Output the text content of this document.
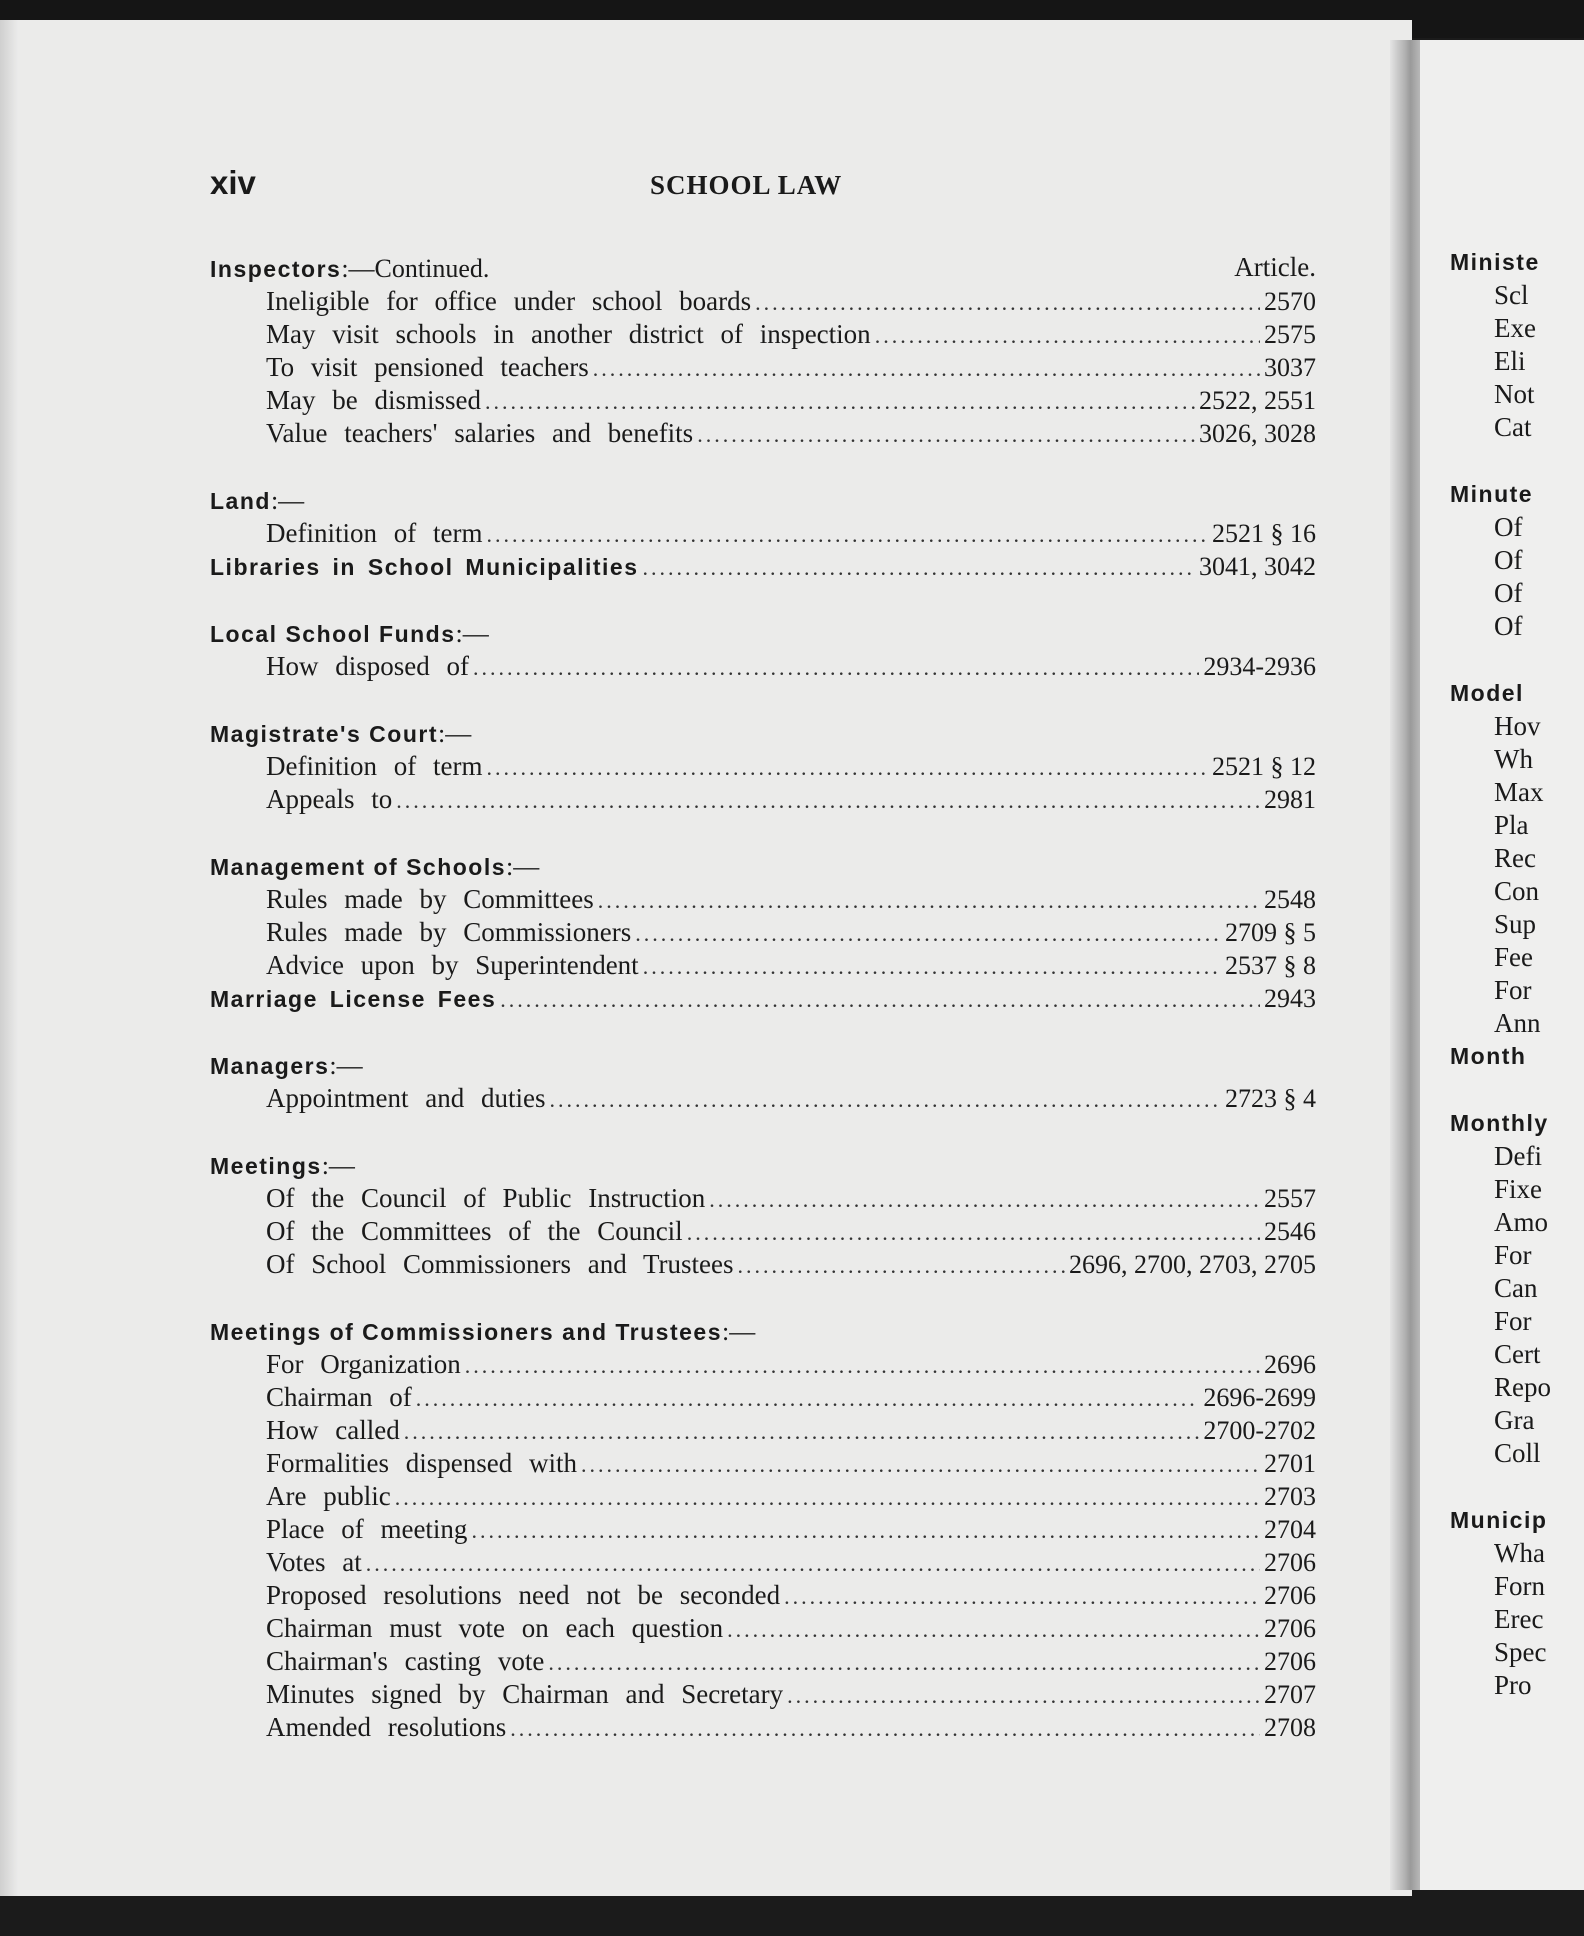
xiv	SCHOOL LAW
Article.
Inspectors:—Continued.
Ineligible for office under school boards .....	2570
May visit schools in another district of inspection .....	2575
To visit pensioned teachers .....	3037
May be dismissed .....	2522, 2551
Value teachers' salaries and benefits .....	3026, 3028
Land:—
Definition of term .....	2521 § 16
Libraries in School Municipalities .....	3041, 3042
Local School Funds:—
How disposed of .....	2934-2936
Magistrate's Court:—
Definition of term .....	2521 § 12
Appeals to .....	2981
Management of Schools:—
Rules made by Committees .....	2548
Rules made by Commissioners .....	2709 § 5
Advice upon by Superintendent .....	2537 § 8
Marriage License Fees .....	2943
Managers:—
Appointment and duties .....	2723 § 4
Meetings:—
Of the Council of Public Instruction .....	2557
Of the Committees of the Council .....	2546
Of School Commissioners and Trustees .....	2696, 2700, 2703, 2705
Meetings of Commissioners and Trustees:—
For Organization .....	2696
Chairman of .....	2696-2699
How called .....	2700-2702
Formalities dispensed with .....	2701
Are public .....	2703
Place of meeting .....	2704
Votes at .....	2706
Proposed resolutions need not be seconded .....	2706
Chairman must vote on each question .....	2706
Chairman's casting vote .....	2706
Minutes signed by Chairman and Secretary .....	2707
Amended resolutions .....	2708
Ministe
Scl
Exe
Eli
Not
Cat
Minute
Of
Of
Of
Of
Model
Hov
Wh
Max
Pla
Rec
Con
Sup
Fee
For
Ann
Month
Monthly
Defi
Fixe
Amo
For
Can
For
Cert
Repo
Gra
Coll
Municip
Wha
Forn
Erec
Spec
Pro
